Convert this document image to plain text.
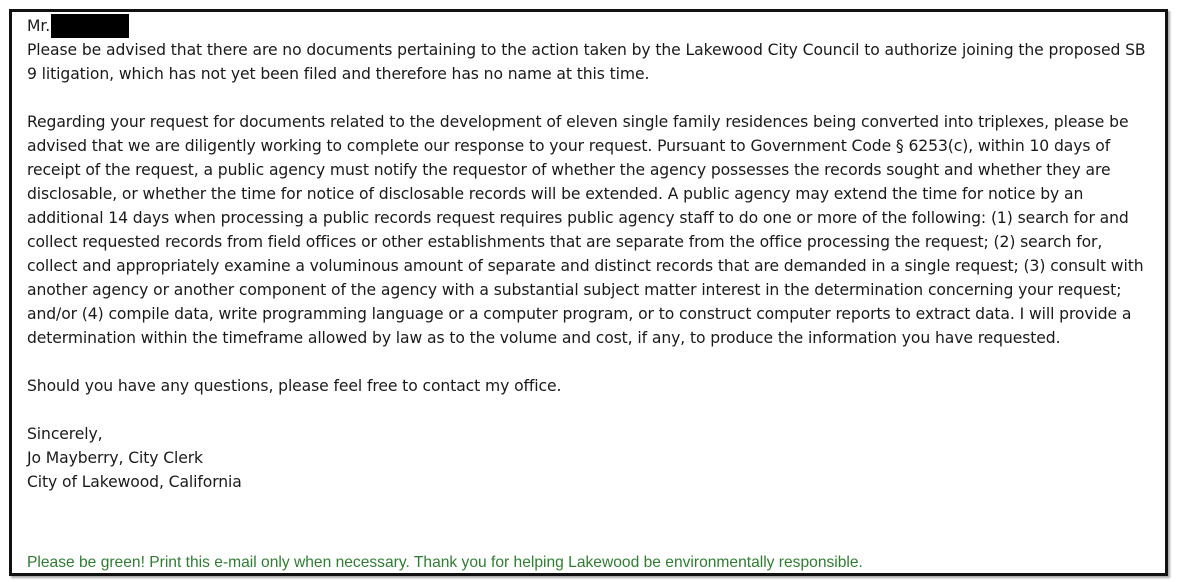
Mr.

Please be advised that there are no documents pertaining to the action taken by the Lakewood City Council to authorize joining the proposed SB 9 litigation, which has not yet been filed and therefore has no name at this time.

Regarding your request for documents related to the development of eleven single family residences being converted into triplexes, please be advised that we are diligently working to complete our response to your request. Pursuant to Government Code § 6253(c), within 10 days of receipt of the request, a public agency must notify the requestor of whether the agency possesses the records sought and whether they are disclosable, or whether the time for notice of disclosable records will be extended. A public agency may extend the time for notice by an additional 14 days when processing a public records request requires public agency staff to do one or more of the following: (1) search for and collect requested records from field offices or other establishments that are separate from the office processing the request; (2) search for, collect and appropriately examine a voluminous amount of separate and distinct records that are demanded in a single request; (3) consult with another agency or another component of the agency with a substantial subject matter interest in the determination concerning your request; and/or (4) compile data, write programming language or a computer program, or to construct computer reports to extract data. I will provide a determination within the timeframe allowed by law as to the volume and cost, if any, to produce the information you have requested.

Should you have any questions, please feel free to contact my office.

Sincerely,

Jo Mayberry, City Clerk

City of Lakewood, California

Please be green! Print this e-mail only when necessary. Thank you for helping Lakewood be environmentally responsible.
